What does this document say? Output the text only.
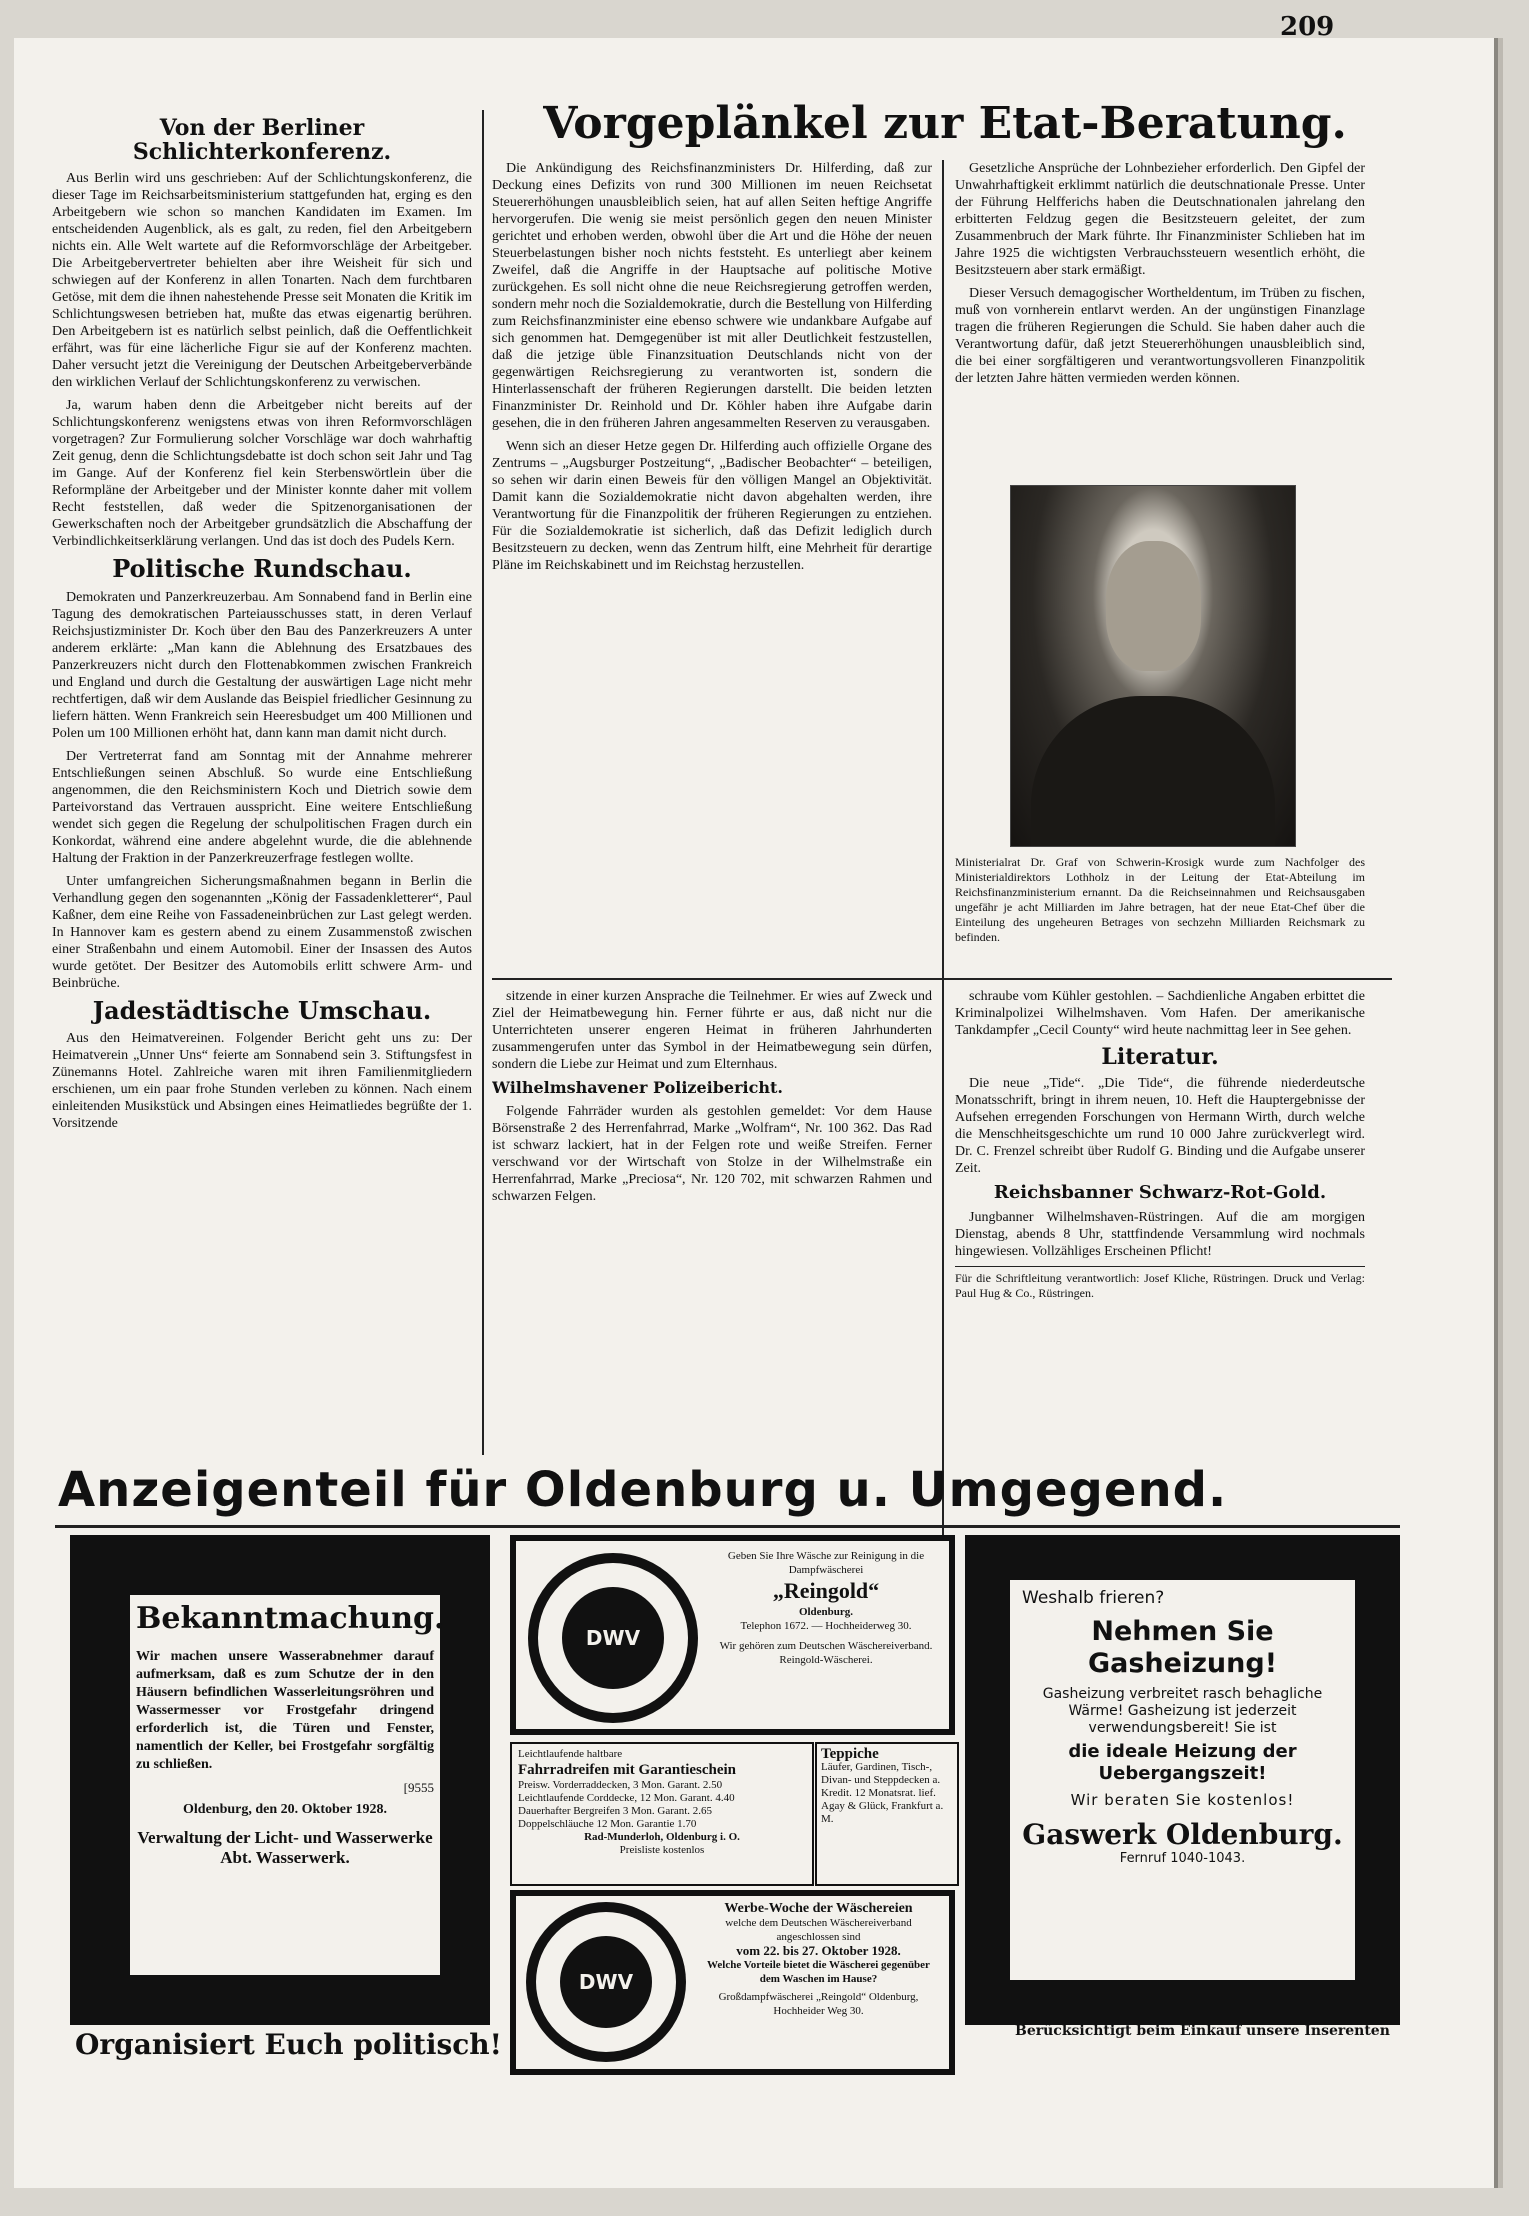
209
Von der Berliner Schlichterkonferenz.

Aus Berlin wird uns geschrieben: Auf der Schlichtungskonferenz, die dieser Tage im Reichsarbeitsministerium stattgefunden hat, erging es den Arbeitgebern wie schon so manchen Kandidaten im Examen. Im entscheidenden Augenblick, als es galt, zu reden, fiel den Arbeitgebern nichts ein. Alle Welt wartete auf die Reformvorschläge der Arbeitgeber. Die Arbeitgebervertreter behielten aber ihre Weisheit für sich und schwiegen auf der Konferenz in allen Tonarten. Nach dem furchtbaren Getöse, mit dem die ihnen nahestehende Presse seit Monaten die Kritik im Schlichtungswesen betrieben hat, mußte das etwas eigenartig berühren. Den Arbeitgebern ist es natürlich selbst peinlich, daß die Oeffentlichkeit erfährt, was für eine lächerliche Figur sie auf der Konferenz machten. Daher versucht jetzt die Vereinigung der Deutschen Arbeitgeberverbände den wirklichen Verlauf der Schlichtungskonferenz zu verwischen.

Ja, warum haben denn die Arbeitgeber nicht bereits auf der Schlichtungskonferenz wenigstens etwas von ihren Reformvorschlägen vorgetragen? Zur Formulierung solcher Vorschläge war doch wahrhaftig Zeit genug, denn die Schlichtungsdebatte ist doch schon seit Jahr und Tag im Gange. Auf der Konferenz fiel kein Sterbenswörtlein über die Reformpläne der Arbeitgeber und der Minister konnte daher mit vollem Recht feststellen, daß weder die Spitzenorganisationen der Gewerkschaften noch der Arbeitgeber grundsätzlich die Abschaffung der Verbindlichkeitserklärung verlangen. Und das ist doch des Pudels Kern.

Politische Rundschau.

Demokraten und Panzerkreuzerbau. Am Sonnabend fand in Berlin eine Tagung des demokratischen Parteiausschusses statt, in deren Verlauf Reichsjustizminister Dr. Koch über den Bau des Panzerkreuzers A unter anderem erklärte: „Man kann die Ablehnung des Ersatzbaues des Panzerkreuzers nicht durch den Flottenabkommen zwischen Frankreich und England und durch die Gestaltung der auswärtigen Lage nicht mehr rechtfertigen, daß wir dem Auslande das Beispiel friedlicher Gesinnung zu liefern hätten. Wenn Frankreich sein Heeresbudget um 400 Millionen und Polen um 100 Millionen erhöht hat, dann kann man damit nicht durch.

Der Vertreterrat fand am Sonntag mit der Annahme mehrerer Entschließungen seinen Abschluß. So wurde eine Entschließung angenommen, die den Reichsministern Koch und Dietrich sowie dem Parteivorstand das Vertrauen ausspricht. Eine weitere Entschließung wendet sich gegen die Regelung der schulpolitischen Fragen durch ein Konkordat, während eine andere abgelehnt wurde, die die ablehnende Haltung der Fraktion in der Panzerkreuzerfrage festlegen wollte.

Unter umfangreichen Sicherungsmaßnahmen begann in Berlin die Verhandlung gegen den sogenannten „König der Fassadenkletterer“, Paul Kaßner, dem eine Reihe von Fassadeneinbrüchen zur Last gelegt werden. In Hannover kam es gestern abend zu einem Zusammenstoß zwischen einer Straßenbahn und einem Automobil. Einer der Insassen des Autos wurde getötet. Der Besitzer des Automobils erlitt schwere Arm- und Beinbrüche.

Jadestädtische Umschau.

Aus den Heimatvereinen. Folgender Bericht geht uns zu: Der Heimatverein „Unner Uns“ feierte am Sonnabend sein 3. Stiftungsfest in Zünemanns Hotel. Zahlreiche waren mit ihren Familienmitgliedern erschienen, um ein paar frohe Stunden verleben zu können. Nach einem einleitenden Musikstück und Absingen eines Heimatliedes begrüßte der 1. Vorsitzende

Vorgeplänkel zur Etat-Beratung.

Die Ankündigung des Reichsfinanzministers Dr. Hilferding, daß zur Deckung eines Defizits von rund 300 Millionen im neuen Reichsetat Steuererhöhungen unausbleiblich seien, hat auf allen Seiten heftige Angriffe hervorgerufen. Die wenig sie meist persönlich gegen den neuen Minister gerichtet und erhoben werden, obwohl über die Art und die Höhe der neuen Steuerbelastungen bisher noch nichts feststeht. Es unterliegt aber keinem Zweifel, daß die Angriffe in der Hauptsache auf politische Motive zurückgehen. Es soll nicht ohne die neue Reichsregierung getroffen werden, sondern mehr noch die Sozialdemokratie, durch die Bestellung von Hilferding zum Reichsfinanzminister eine ebenso schwere wie undankbare Aufgabe auf sich genommen hat. Demgegenüber ist mit aller Deutlichkeit festzustellen, daß die jetzige üble Finanzsituation Deutschlands nicht von der gegenwärtigen Reichsregierung zu verantworten ist, sondern die Hinterlassenschaft der früheren Regierungen darstellt. Die beiden letzten Finanzminister Dr. Reinhold und Dr. Köhler haben ihre Aufgabe darin gesehen, die in den früheren Jahren angesammelten Reserven zu verausgaben.

Wenn sich an dieser Hetze gegen Dr. Hilferding auch offizielle Organe des Zentrums – „Augsburger Postzeitung“, „Badischer Beobachter“ – beteiligen, so sehen wir darin einen Beweis für den völligen Mangel an Objektivität. Damit kann die Sozialdemokratie nicht davon abgehalten werden, ihre Verantwortung für die Finanzpolitik der früheren Regierungen zu entziehen. Für die Sozialdemokratie ist sicherlich, daß das Defizit lediglich durch Besitzsteuern zu decken, wenn das Zentrum hilft, eine Mehrheit für derartige Pläne im Reichskabinett und im Reichstag herzustellen.

Gesetzliche Ansprüche der Lohnbezieher erforderlich. Den Gipfel der Unwahrhaftigkeit erklimmt natürlich die deutschnationale Presse. Unter der Führung Helfferichs haben die Deutschnationalen jahrelang den erbitterten Feldzug gegen die Besitzsteuern geleitet, der zum Zusammenbruch der Mark führte. Ihr Finanzminister Schlieben hat im Jahre 1925 die wichtigsten Verbrauchssteuern wesentlich erhöht, die Besitzsteuern aber stark ermäßigt.

Dieser Versuch demagogischer Wortheldentum, im Trüben zu fischen, muß von vornherein entlarvt werden. An der ungünstigen Finanzlage tragen die früheren Regierungen die Schuld. Sie haben daher auch die Verantwortung dafür, daß jetzt Steuererhöhungen unausbleiblich sind, die bei einer sorgfältigeren und verantwortungsvolleren Finanzpolitik der letzten Jahre hätten vermieden werden können.

Ministerialrat Dr. Graf von Schwerin-Krosigk wurde zum Nachfolger des Ministerialdirektors Lothholz in der Leitung der Etat-Abteilung im Reichsfinanzministerium ernannt. Da die Reichseinnahmen und Reichsausgaben ungefähr je acht Milliarden im Jahre betragen, hat der neue Etat-Chef über die Einteilung des ungeheuren Betrages von sechzehn Milliarden Reichsmark zu befinden.

sitzende in einer kurzen Ansprache die Teilnehmer. Er wies auf Zweck und Ziel der Heimatbewegung hin. Ferner führte er aus, daß nicht nur die Unterrichteten unserer engeren Heimat in früheren Jahrhunderten zusammengerufen unter das Symbol in der Heimatbewegung sein dürfen, sondern die Liebe zur Heimat und zum Elternhaus.

Wilhelmshavener Polizeibericht.

Folgende Fahrräder wurden als gestohlen gemeldet: Vor dem Hause Börsenstraße 2 des Herrenfahrrad, Marke „Wolfram“, Nr. 100 362. Das Rad ist schwarz lackiert, hat in der Felgen rote und weiße Streifen. Ferner verschwand vor der Wirtschaft von Stolze in der Wilhelmstraße ein Herrenfahrrad, Marke „Preciosa“, Nr. 120 702, mit schwarzen Rahmen und schwarzen Felgen.

schraube vom Kühler gestohlen. – Sachdienliche Angaben erbittet die Kriminalpolizei Wilhelmshaven. Vom Hafen. Der amerikanische Tankdampfer „Cecil County“ wird heute nachmittag leer in See gehen.

Literatur.

Die neue „Tide“. „Die Tide“, die führende niederdeutsche Monatsschrift, bringt in ihrem neuen, 10. Heft die Hauptergebnisse der Aufsehen erregenden Forschungen von Hermann Wirth, durch welche die Menschheitsgeschichte um rund 10 000 Jahre zurückverlegt wird. Dr. C. Frenzel schreibt über Rudolf G. Binding und die Aufgabe unserer Zeit.

Reichsbanner Schwarz-Rot-Gold.

Jungbanner Wilhelmshaven-Rüstringen. Auf die am morgigen Dienstag, abends 8 Uhr, stattfindende Versammlung wird nochmals hingewiesen. Vollzähliges Erscheinen Pflicht!

Für die Schriftleitung verantwortlich: Josef Kliche, Rüstringen. Druck und Verlag: Paul Hug & Co., Rüstringen.

Anzeigenteil für Oldenburg u. Umgegend.
Bekanntmachung.
Wir machen unsere Wasserabnehmer darauf aufmerksam, daß es zum Schutze der in den Häusern befindlichen Wasserleitungsröhren und Wassermesser vor Frostgefahr dringend erforderlich ist, die Türen und Fenster, namentlich der Keller, bei Frostgefahr sorgfältig zu schließen.
[9555
Oldenburg, den 20. Oktober 1928.
Verwaltung der Licht- und Wasserwerke Abt. Wasserwerk.
DWV
Geben Sie Ihre Wäsche zur Reinigung in die Dampfwäscherei
„Reingold“
Oldenburg.
Telephon 1672. — Hochheiderweg 30.
Wir gehören zum Deutschen Wäschereiverband. Reingold-Wäscherei.
Leichtlaufende haltbare
Fahrradreifen mit Garantieschein
Preisw. Vorderraddecken, 3 Mon. Garant. 2.50
Leichtlaufende Corddecke, 12 Mon. Garant. 4.40
Dauerhafter Bergreifen 3 Mon. Garant. 2.65
Doppelschläuche 12 Mon. Garantie 1.70
Rad-Munderloh, Oldenburg i. O.
Preisliste kostenlos
Teppiche
Läufer, Gardinen, Tisch-, Divan- und Steppdecken a. Kredit. 12 Monatsrat. lief. Agay & Glück, Frankfurt a. M.
DWV
Werbe-Woche der Wäschereien
welche dem Deutschen Wäschereiverband angeschlossen sind
vom 22. bis 27. Oktober 1928.
Welche Vorteile bietet die Wäscherei gegenüber dem Waschen im Hause?
Großdampfwäscherei „Reingold“ Oldenburg, Hochheider Weg 30.
Weshalb frieren?
Nehmen Sie Gasheizung!
Gasheizung verbreitet rasch behagliche Wärme! Gasheizung ist jederzeit verwendungsbereit! Sie ist
die ideale Heizung der Uebergangszeit!
Wir beraten Sie kostenlos!
Gaswerk Oldenburg.
Fernruf 1040-1043.
Organisiert Euch politisch!	Berücksichtigt beim Einkauf unsere Inserenten
